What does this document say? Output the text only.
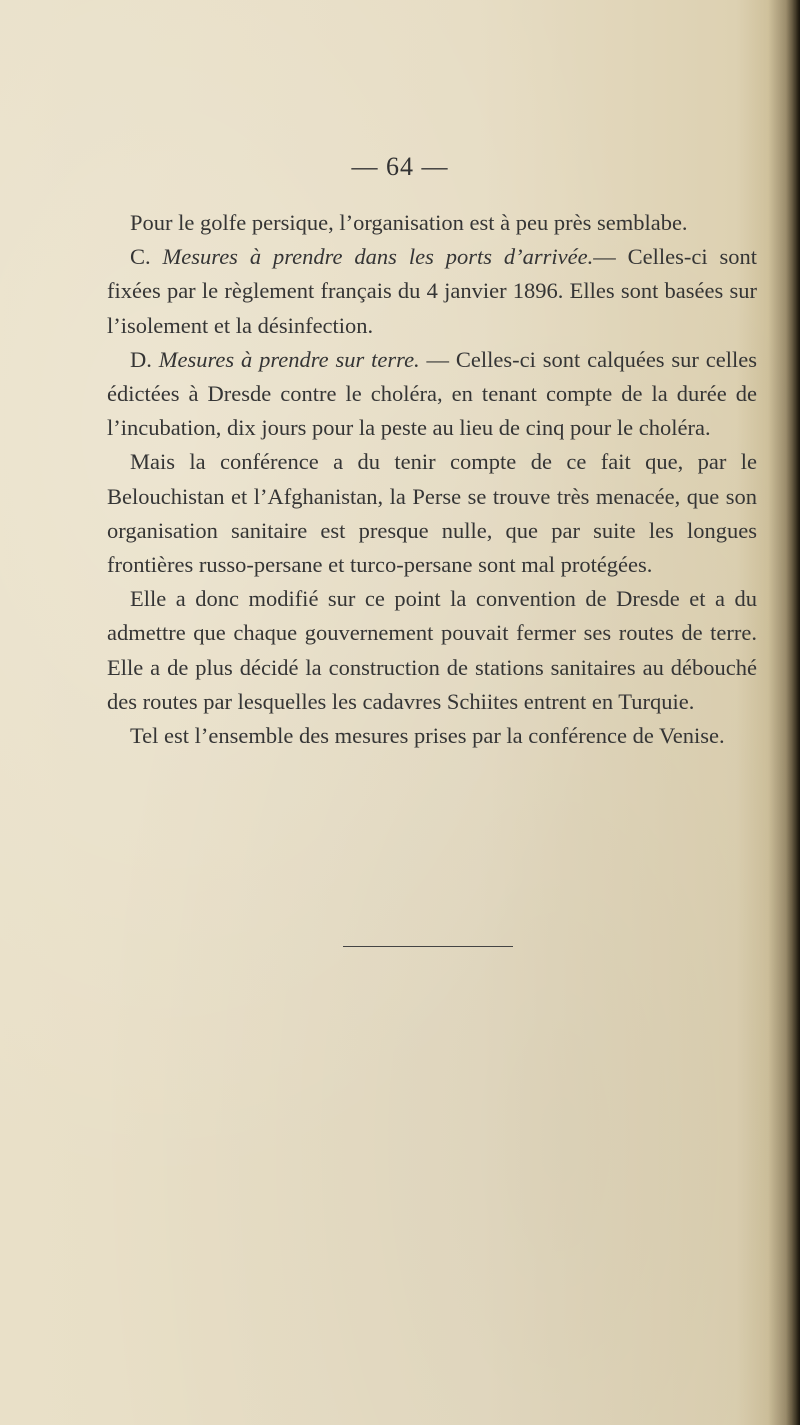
— 64 —

Pour le golfe persique, l’organisation est à peu près semblabe.

C. Mesures à prendre dans les ports d’arrivée.— Celles-ci sont fixées par le règlement français du 4 janvier 1896. Elles sont basées sur l’isolement et la désinfection.

D. Mesures à prendre sur terre. — Celles-ci sont calquées sur celles édictées à Dresde contre le choléra, en tenant compte de la durée de l’incubation, dix jours pour la peste au lieu de cinq pour le choléra.

Mais la conférence a du tenir compte de ce fait que, par le Belouchistan et l’Afghanistan, la Perse se trouve très menacée, que son organisation sanitaire est presque nulle, que par suite les longues frontières russo-persane et turco-persane sont mal protégées.

Elle a donc modifié sur ce point la convention de Dresde et a du admettre que chaque gouvernement pouvait fermer ses routes de terre. Elle a de plus décidé la construction de stations sanitaires au débouché des routes par lesquelles les cadavres Schiites entrent en Turquie.

Tel est l’ensemble des mesures prises par la conférence de Venise.
